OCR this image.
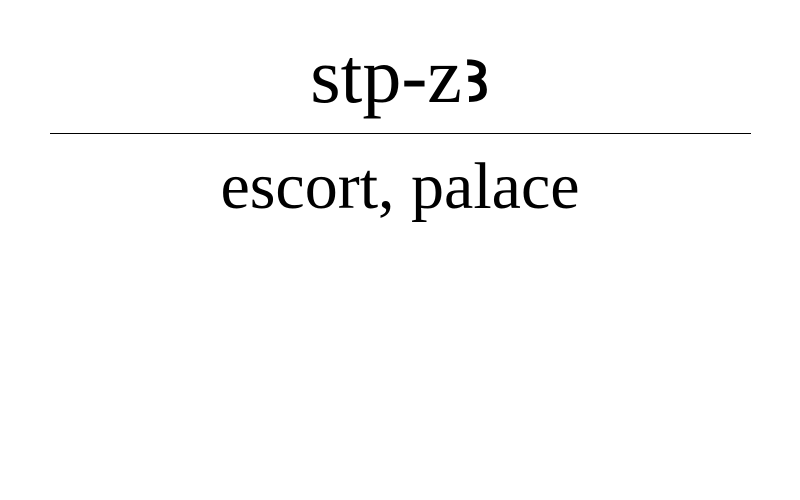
stp-zꜣ
escort, palace
